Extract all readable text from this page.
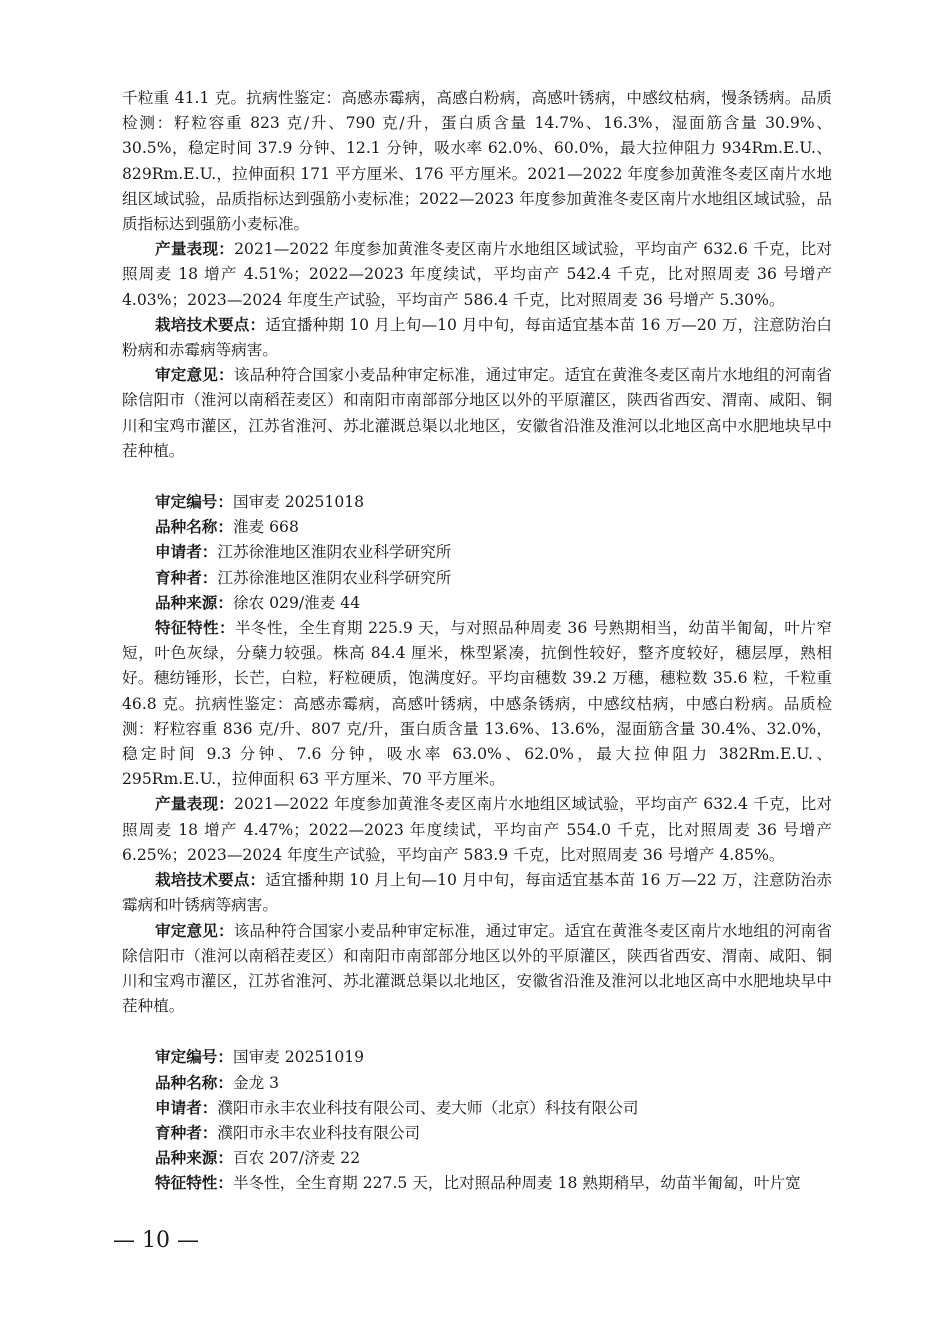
千粒重 41.1 克。抗病性鉴定：高感赤霉病，高感白粉病，高感叶锈病，中感纹枯病，慢条锈病。品质检测：籽粒容重 823 克/升、790 克/升，蛋白质含量 14.7%、16.3%，湿面筋含量 30.9%、30.5%，稳定时间 37.9 分钟、12.1 分钟，吸水率 62.0%、60.0%，最大拉伸阻力 934Rm.E.U.、829Rm.E.U.，拉伸面积 171 平方厘米、176 平方厘米。2021—2022 年度参加黄淮冬麦区南片水地组区域试验，品质指标达到强筋小麦标准；2022—2023 年度参加黄淮冬麦区南片水地组区域试验，品质指标达到强筋小麦标准。

产量表现：2021—2022 年度参加黄淮冬麦区南片水地组区域试验，平均亩产 632.6 千克，比对照周麦 18 增产 4.51%；2022—2023 年度续试，平均亩产 542.4 千克，比对照周麦 36 号增产 4.03%；2023—2024 年度生产试验，平均亩产 586.4 千克，比对照周麦 36 号增产 5.30%。

栽培技术要点：适宜播种期 10 月上旬—10 月中旬，每亩适宜基本苗 16 万—20 万，注意防治白粉病和赤霉病等病害。

审定意见：该品种符合国家小麦品种审定标准，通过审定。适宜在黄淮冬麦区南片水地组的河南省除信阳市（淮河以南稻茬麦区）和南阳市南部部分地区以外的平原灌区，陕西省西安、渭南、咸阳、铜川和宝鸡市灌区，江苏省淮河、苏北灌溉总渠以北地区，安徽省沿淮及淮河以北地区高中水肥地块早中茬种植。

审定编号：国审麦 20251018

品种名称：淮麦 668

申请者：江苏徐淮地区淮阴农业科学研究所

育种者：江苏徐淮地区淮阴农业科学研究所

品种来源：徐农 029/淮麦 44

特征特性：半冬性，全生育期 225.9 天，与对照品种周麦 36 号熟期相当，幼苗半匍匐，叶片窄短，叶色灰绿，分蘖力较强。株高 84.4 厘米，株型紧凑，抗倒性较好，整齐度较好，穗层厚，熟相好。穗纺锤形，长芒，白粒，籽粒硬质，饱满度好。平均亩穗数 39.2 万穗，穗粒数 35.6 粒，千粒重 46.8 克。抗病性鉴定：高感赤霉病，高感叶锈病，中感条锈病，中感纹枯病，中感白粉病。品质检测：籽粒容重 836 克/升、807 克/升，蛋白质含量 13.6%、13.6%，湿面筋含量 30.4%、32.0%，稳定时间 9.3 分钟、7.6 分钟，吸水率 63.0%、62.0%，最大拉伸阻力 382Rm.E.U.、295Rm.E.U.，拉伸面积 63 平方厘米、70 平方厘米。

产量表现：2021—2022 年度参加黄淮冬麦区南片水地组区域试验，平均亩产 632.4 千克，比对照周麦 18 增产 4.47%；2022—2023 年度续试，平均亩产 554.0 千克，比对照周麦 36 号增产 6.25%；2023—2024 年度生产试验，平均亩产 583.9 千克，比对照周麦 36 号增产 4.85%。

栽培技术要点：适宜播种期 10 月上旬—10 月中旬，每亩适宜基本苗 16 万—22 万，注意防治赤霉病和叶锈病等病害。

审定意见：该品种符合国家小麦品种审定标准，通过审定。适宜在黄淮冬麦区南片水地组的河南省除信阳市（淮河以南稻茬麦区）和南阳市南部部分地区以外的平原灌区，陕西省西安、渭南、咸阳、铜川和宝鸡市灌区，江苏省淮河、苏北灌溉总渠以北地区，安徽省沿淮及淮河以北地区高中水肥地块早中茬种植。

审定编号：国审麦 20251019

品种名称：金龙 3

申请者：濮阳市永丰农业科技有限公司、麦大师（北京）科技有限公司

育种者：濮阳市永丰农业科技有限公司

品种来源：百农 207/济麦 22

特征特性：半冬性，全生育期 227.5 天，比对照品种周麦 18 熟期稍早，幼苗半匍匐，叶片宽

— 10 —
